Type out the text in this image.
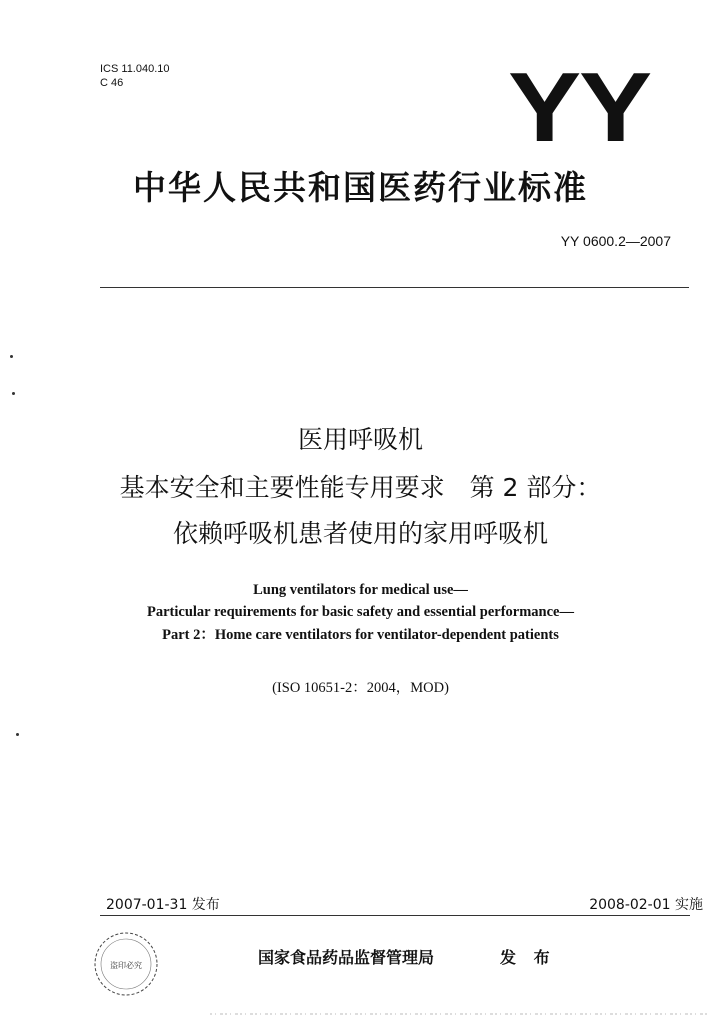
ICS 11.040.10
C 46	YY
中华人民共和国医药行业标准
YY 0600.2—2007
医用呼吸机
基本安全和主要性能专用要求　第 2 部分：
依赖呼吸机患者使用的家用呼吸机
Lung ventilators for medical use—
Particular requirements for basic safety and essential performance—
Part 2：Home care ventilators for ventilator-dependent patients
(ISO 10651-2：2004，MOD)
2007-01-31 发布	2008-02-01 实施
盗印必究	国家食品药品监督管理局	发 布
